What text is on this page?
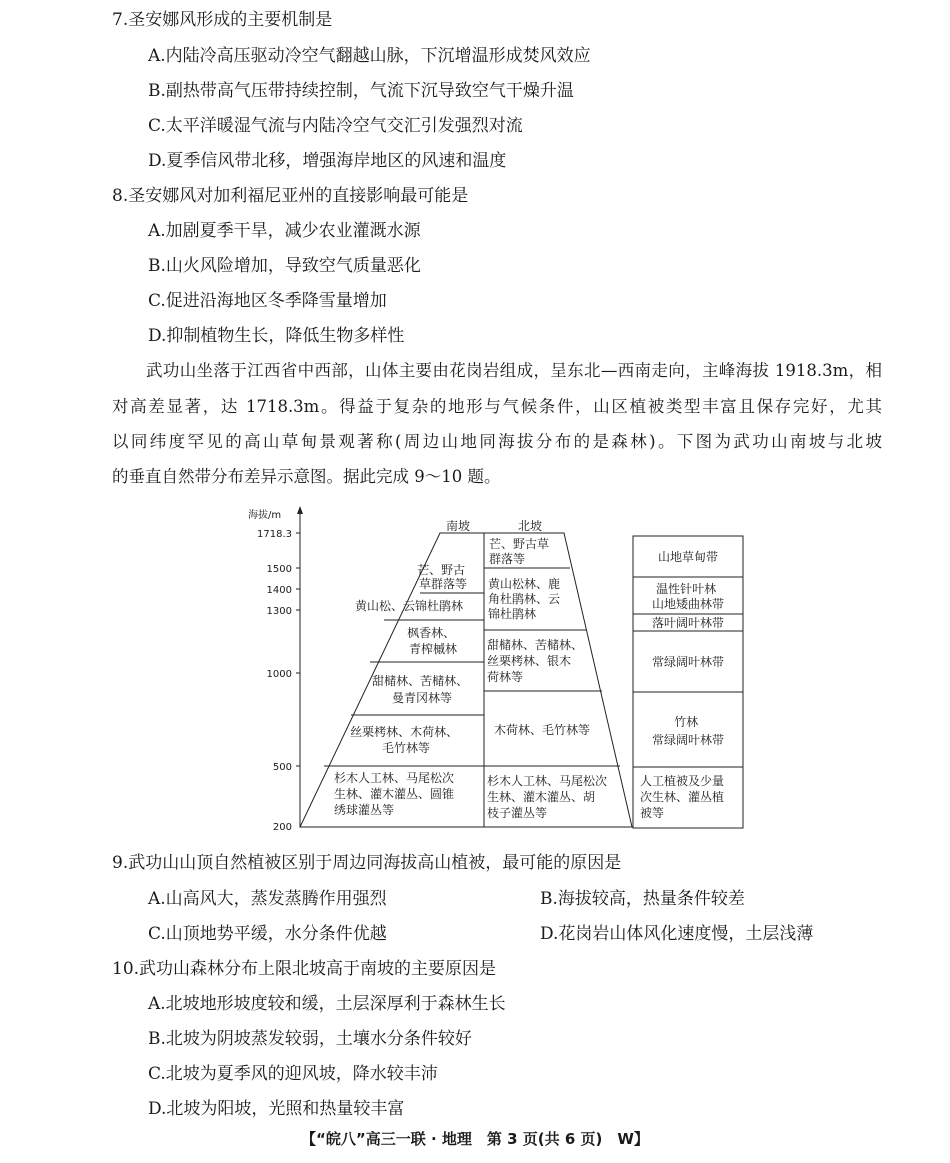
7.圣安娜风形成的主要机制是
A.内陆冷高压驱动冷空气翻越山脉，下沉增温形成焚风效应
B.副热带高气压带持续控制，气流下沉导致空气干燥升温
C.太平洋暖湿气流与内陆冷空气交汇引发强烈对流
D.夏季信风带北移，增强海岸地区的风速和温度
8.圣安娜风对加利福尼亚州的直接影响最可能是
A.加剧夏季干旱，减少农业灌溉水源
B.山火风险增加，导致空气质量恶化
C.促进沿海地区冬季降雪量增加
D.抑制植物生长，降低生物多样性
武功山坐落于江西省中西部，山体主要由花岗岩组成，呈东北—西南走向，主峰海拔 1918.3m，相
对高差显著，达 1718.3m。得益于复杂的地形与气候条件，山区植被类型丰富且保存完好，尤其
以同纬度罕见的高山草甸景观著称(周边山地同海拔分布的是森林)。下图为武功山南坡与北坡
的垂直自然带分布差异示意图。据此完成 9～10 题。
海拔/m
1718.3
1500
1400
1300
1000
500
200
南坡	北坡
芒、野古 草群落等
黄山松、云锦杜鹃林
枫香林、 青榨槭林
甜槠林、苦槠林、 曼青冈林等
丝栗栲林、木荷林、 毛竹林等
杉木人工林、马尾松次 生林、灌木灌丛、圆锥 绣球灌丛等
芒、野古草 群落等
黄山松林、鹿 角杜鹃林、云 锦杜鹃林
甜槠林、苦槠林、 丝栗栲林、银木 荷林等
木荷林、毛竹林等
杉木人工林、马尾松次 生林、灌木灌丛、胡 枝子灌丛等
山地草甸带
温性针叶林 山地矮曲林带
落叶阔叶林带
常绿阔叶林带
竹林 常绿阔叶林带
人工植被及少量 次生林、灌丛植 被等
9.武功山山顶自然植被区别于周边同海拔高山植被，最可能的原因是
A.山高风大，蒸发蒸腾作用强烈	B.海拔较高，热量条件较差
C.山顶地势平缓，水分条件优越	D.花岗岩山体风化速度慢，土层浅薄
10.武功山森林分布上限北坡高于南坡的主要原因是
A.北坡地形坡度较和缓，土层深厚利于森林生长
B.北坡为阴坡蒸发较弱，土壤水分条件较好
C.北坡为夏季风的迎风坡，降水较丰沛
D.北坡为阳坡，光照和热量较丰富
【“皖八”高三一联 · 地理　第 3 页(共 6 页)　W】
